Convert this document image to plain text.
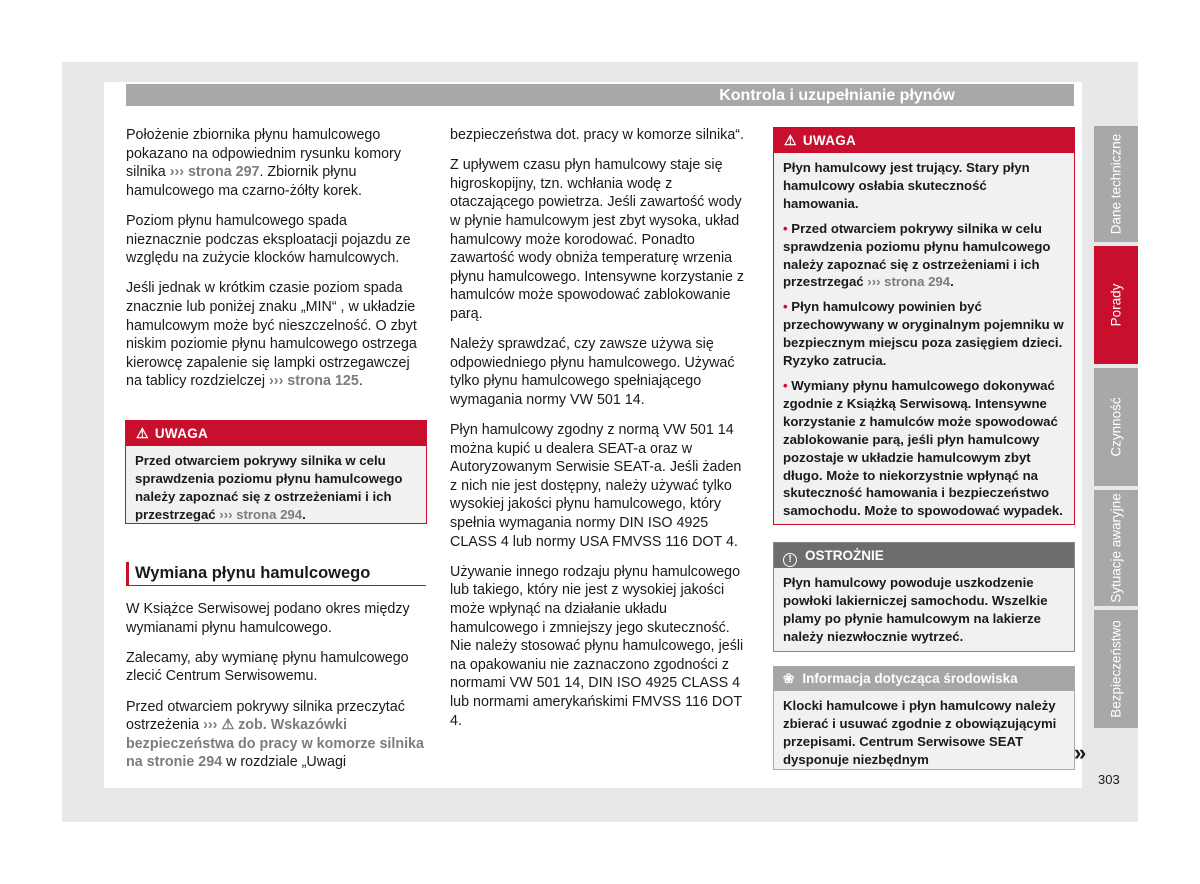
Kontrola i uzupełnianie płynów

Położenie zbiornika płynu hamulcowego pokazano na odpowiednim rysunku komory silnika ››› strona 297. Zbiornik płynu hamulcowego ma czarno-żółty korek.

Poziom płynu hamulcowego spada nieznacznie podczas eksploatacji pojazdu ze względu na zużycie klocków hamulcowych.

Jeśli jednak w krótkim czasie poziom spada znacznie lub poniżej znaku „MIN“ , w układzie hamulcowym może być nieszczelność. O zbyt niskim poziomie płynu hamulcowego ostrzega kierowcę zapalenie się lampki ostrzegawczej na tablicy rozdzielczej ››› strona 125.

⚠ UWAGA
Przed otwarciem pokrywy silnika w celu sprawdzenia poziomu płynu hamulcowego należy zapoznać się z ostrzeżeniami i ich przestrzegać ››› strona 294.
Wymiana płynu hamulcowego

W Książce Serwisowej podano okres między wymianami płynu hamulcowego.

Zalecamy, aby wymianę płynu hamulcowego zlecić Centrum Serwisowemu.

Przed otwarciem pokrywy silnika przeczytać ostrzeżenia ››› ⚠ zob. Wskazówki bezpieczeństwa do pracy w komorze silnika na stronie 294 w rozdziale „Uwagi

bezpieczeństwa dot. pracy w komorze silnika“.

Z upływem czasu płyn hamulcowy staje się higroskopijny, tzn. wchłania wodę z otaczającego powietrza. Jeśli zawartość wody w płynie hamulcowym jest zbyt wysoka, układ hamulcowy może korodować. Ponadto zawartość wody obniża temperaturę wrzenia płynu hamulcowego. Intensywne korzystanie z hamulców może spowodować zablokowanie parą.

Należy sprawdzać, czy zawsze używa się odpowiedniego płynu hamulcowego. Używać tylko płynu hamulcowego spełniającego wymagania normy VW 501 14.

Płyn hamulcowy zgodny z normą VW 501 14 można kupić u dealera SEAT-a oraz w Autoryzowanym Serwisie SEAT-a. Jeśli żaden z nich nie jest dostępny, należy używać tylko wysokiej jakości płynu hamulcowego, który spełnia wymagania normy DIN ISO 4925 CLASS 4 lub normy USA FMVSS 116 DOT 4.

Używanie innego rodzaju płynu hamulcowego lub takiego, który nie jest z wysokiej jakości może wpłynąć na działanie układu hamulcowego i zmniejszy jego skuteczność. Nie należy stosować płynu hamulcowego, jeśli na opakowaniu nie zaznaczono zgodności z normami VW 501 14, DIN ISO 4925 CLASS 4 lub normami amerykańskimi FMVSS 116 DOT 4.

⚠ UWAGA

Płyn hamulcowy jest trujący. Stary płyn hamulcowy osłabia skuteczność hamowania.

• Przed otwarciem pokrywy silnika w celu sprawdzenia poziomu płynu hamulcowego należy zapoznać się z ostrzeżeniami i ich przestrzegać ››› strona 294.

• Płyn hamulcowy powinien być przechowywany w oryginalnym pojemniku w bezpiecznym miejscu poza zasięgiem dzieci. Ryzyko zatrucia.

• Wymiany płynu hamulcowego dokonywać zgodnie z Książką Serwisową. Intensywne korzystanie z hamulców może spowodować zablokowanie parą, jeśli płyn hamulcowy pozostaje w układzie hamulcowym zbyt długo. Może to niekorzystnie wpłynąć na skuteczność hamowania i bezpieczeństwo samochodu. Może to spowodować wypadek.

! OSTROŻNIE
Płyn hamulcowy powoduje uszkodzenie powłoki lakierniczej samochodu. Wszelkie plamy po płynie hamulcowym na lakierze należy niezwłocznie wytrzeć.
❀ Informacja dotycząca środowiska
Klocki hamulcowe i płyn hamulcowy należy zbierać i usuwać zgodnie z obowiązującymi przepisami. Centrum Serwisowe SEAT dysponuje niezbędnym	»
Dane techniczne
Porady
Czynność
Sytuacje awaryjne
Bezpieczeństwo
303
